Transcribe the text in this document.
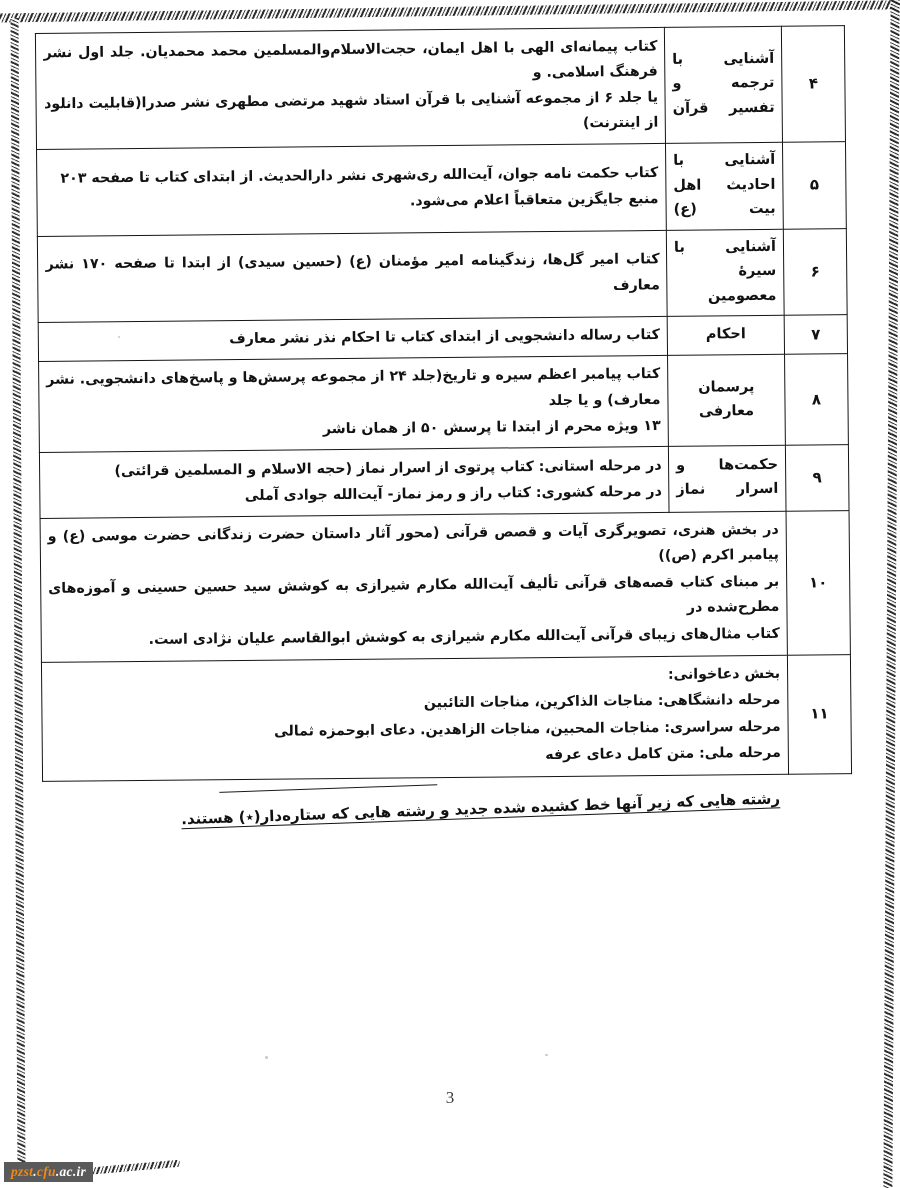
۴	آشنایی با
ترجمه و
تفسیر قرآن	کتاب پیمانه‌ای الهی با اهل ایمان، حجت‌الاسلام‌والمسلمین محمد محمدیان. جلد اول نشر فرهنگ اسلامی. و
یا جلد ۶ از مجموعه آشنایی با قرآن استاد شهید مرتضی مطهری نشر صدرا(قابلیت دانلود از اینترنت)

۵	آشنایی با
احادیث اهل
بیت (ع)	کتاب حکمت نامه جوان، آیت‌الله ری‌شهری نشر دارالحدیث. از ابتدای کتاب تا صفحه ۲۰۳
منبع جایگزین متعاقباً اعلام می‌شود.

۶	آشنایی با
سیرهٔ
معصومین	کتاب امیر گل‌ها، زندگینامه امیر مؤمنان (ع) (حسین سیدی) از ابتدا تا صفحه ۱۷۰ نشر معارف

۷	احکام	کتاب رساله دانشجویی از ابتدای کتاب تا احکام نذر نشر معارف

۸	پرسمان
معارفی	کتاب پیامبر اعظم سیره و تاریخ(جلد ۲۴ از مجموعه پرسش‌ها و پاسخ‌های دانشجویی. نشر معارف) و یا جلد
۱۳ ویژه محرم از ابتدا تا پرسش ۵۰ از همان ناشر

۹	حکمت‌ها و
اسرار نماز	در مرحله استانی: کتاب پرتوی از اسرار نماز (حجه الاسلام و المسلمین قرائتی)
در مرحله کشوری: کتاب راز و رمز نماز- آیت‌الله جوادی آملی

۱۰	در بخش هنری، تصویرگری آیات و قصص قرآنی (محور آثار داستان حضرت زندگانی حضرت موسی (ع) و پیامبر اکرم (ص))
بر مبنای کتاب قصه‌های قرآنی تألیف آیت‌الله مکارم شیرازی به کوشش سید حسین حسینی و آموزه‌های مطرح‌شده در
کتاب مثال‌های زیبای قرآنی آیت‌الله مکارم شیرازی به کوشش ابوالقاسم علیان نژادی است.	

۱۱	بخش دعاخوانی:
مرحله دانشگاهی: مناجات الذاکرین، مناجات التائبین
مرحله سراسری: مناجات المحبین، مناجات الزاهدین. دعای ابوحمزه ثمالی
مرحله ملی: متن کامل دعای عرفه	
رشته هایی که زیر آنها خط کشیده شده جدید و رشته هایی که ستاره‌دار(٭) هستند.
3
pzst.cfu.ac.ir
